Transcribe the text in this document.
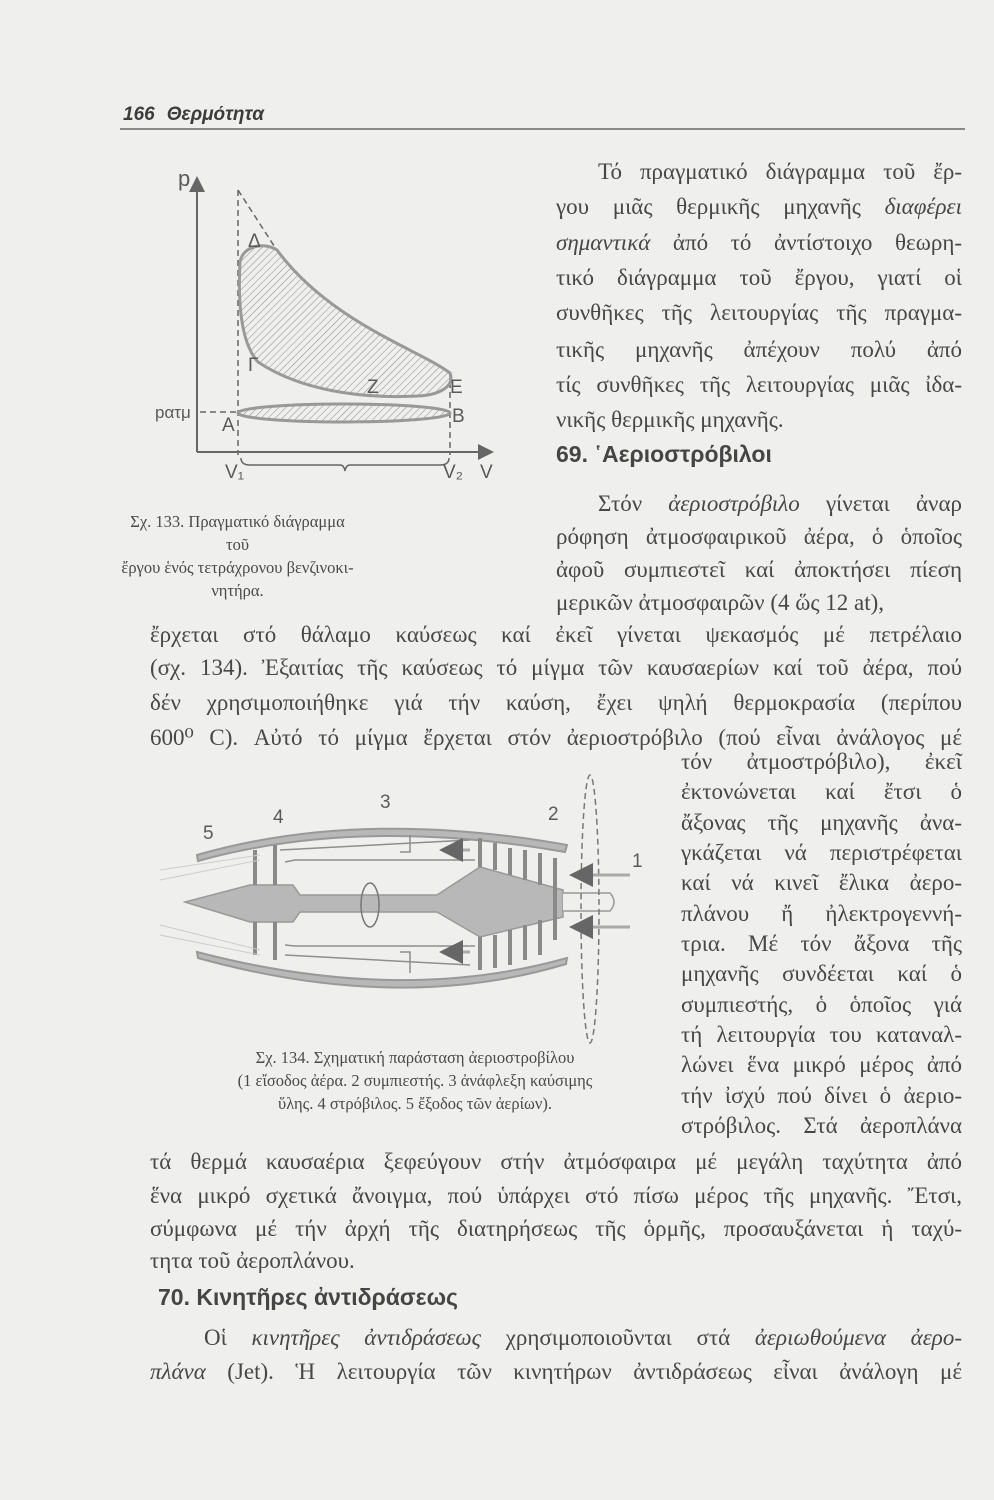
166 Θερμότητα
p
pατμ
A	B
E
Z
Γ
Δ
V₁	V₂ V
1
2
3
4
5
Σχ. 133. Πραγματικό διάγραμμα τοῦ
ἔργου ἑνός τετράχρονου βενζινοκι-
νητήρα.
Σχ. 134. Σχηματική παράσταση ἀεριοστροβίλου
(1 εἴσοδος ἀέρα. 2 συμπιεστής. 3 ἀνάφλεξη καύσιμης
ὕλης. 4 στρόβιλος. 5 ἔξοδος τῶν ἀερίων).
Τό πραγματικό διάγραμμα τοῦ ἔρ-
γου μιᾶς θερμικῆς μηχανῆς διαφέρει
σημαντικά ἀπό τό ἀντίστοιχο θεωρη-
τικό διάγραμμα τοῦ ἔργου, γιατί οἱ
συνθῆκες τῆς λειτουργίας τῆς πραγμα-
τικῆς μηχανῆς ἀπέχουν πολύ ἀπό
τίς συνθῆκες τῆς λειτουργίας μιᾶς ἰδα-
νικῆς θερμικῆς μηχανῆς.
69. ῾Αεριοστρόβιλοι
Στόν ἀεριοστρόβιλο γίνεται ἀναρ
ρόφηση ἀτμοσφαιρικοῦ ἀέρα, ὁ ὁποῖος
ἀφοῦ συμπιεστεῖ καί ἀποκτήσει πίεση
μερικῶν ἀτμοσφαιρῶν (4 ὥς 12 at),
ἔρχεται στό θάλαμο καύσεως καί ἐκεῖ γίνεται ψεκασμός μέ πετρέλαιο
(σχ. 134). Ἐξαιτίας τῆς καύσεως τό μίγμα τῶν καυσαερίων καί τοῦ ἀέρα, πού
δέν χρησιμοποιήθηκε γιά τήν καύση, ἔχει ψηλή θερμοκρασία (περίπου
600⁰ C). Αὐτό τό μίγμα ἔρχεται στόν ἀεριοστρόβιλο (πού εἶναι ἀνάλογος μέ
τόν ἀτμοστρόβιλο), ἐκεῖ
ἐκτονώνεται καί ἔτσι ὁ
ἄξονας τῆς μηχανῆς ἀνα-
γκάζεται νά περιστρέφεται
καί νά κινεῖ ἔλικα ἀερο-
πλάνου ἤ ἠλεκτρογεννή-
τρια. Μέ τόν ἄξονα τῆς
μηχανῆς συνδέεται καί ὁ
συμπιεστής, ὁ ὁποῖος γιά
τή λειτουργία του καταναλ-
λώνει ἕνα μικρό μέρος ἀπό
τήν ἰσχύ πού δίνει ὁ ἀεριο-
στρόβιλος. Στά ἀεροπλάνα
τά θερμά καυσαέρια ξεφεύγουν στήν ἀτμόσφαιρα μέ μεγάλη ταχύτητα ἀπό
ἕνα μικρό σχετικά ἄνοιγμα, πού ὑπάρχει στό πίσω μέρος τῆς μηχανῆς. Ἔτσι,
σύμφωνα μέ τήν ἀρχή τῆς διατηρήσεως τῆς ὁρμῆς, προσαυξάνεται ἡ ταχύ-
τητα τοῦ ἀεροπλάνου.
70. Κινητῆρες ἀντιδράσεως
Οἱ κινητῆρες ἀντιδράσεως χρησιμοποιοῦνται στά ἀεριωθούμενα ἀερο-
πλάνα (Jet). Ἡ λειτουργία τῶν κινητήρων ἀντιδράσεως εἶναι ἀνάλογη μέ
